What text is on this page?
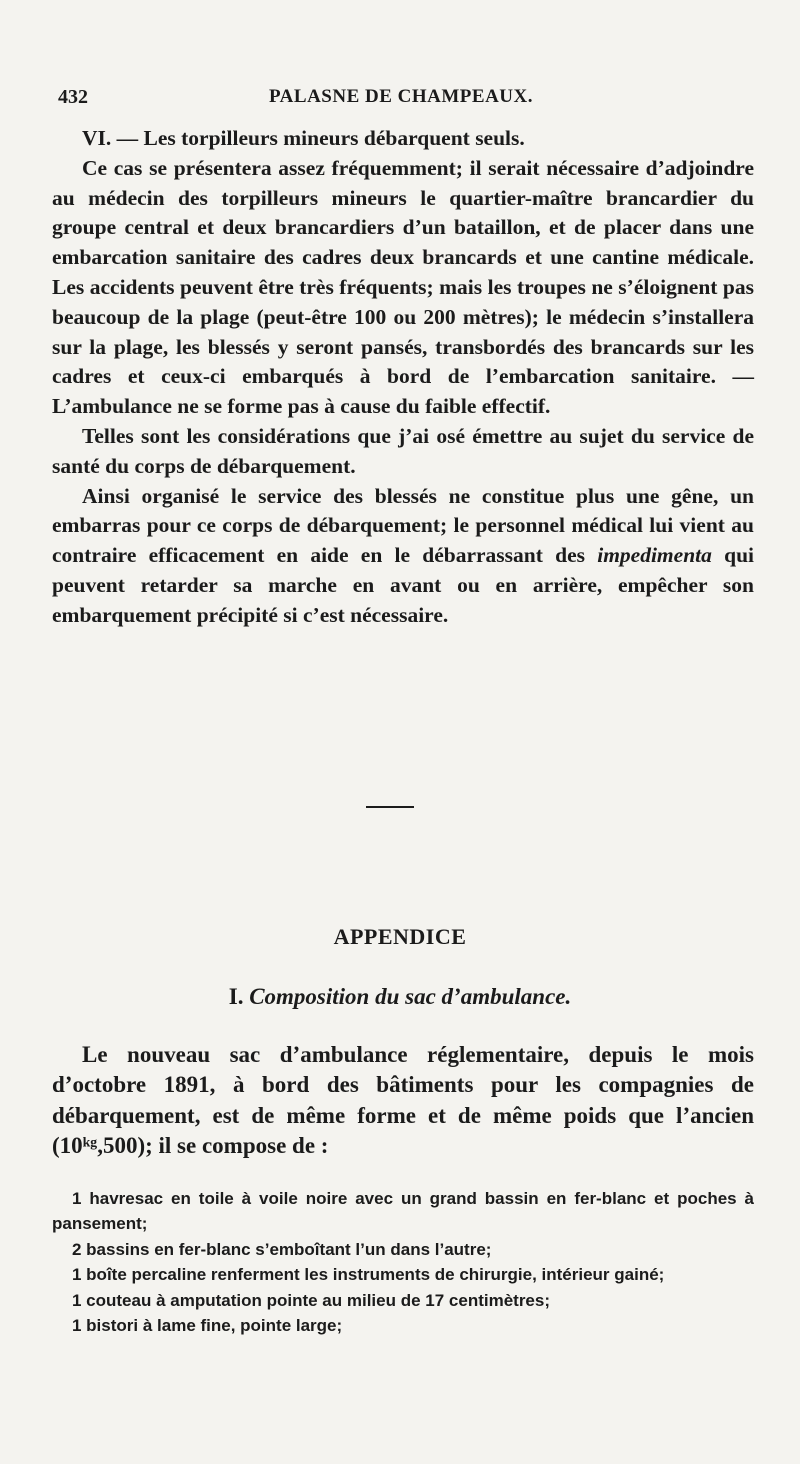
432	PALASNE DE CHAMPEAUX.

VI. — Les torpilleurs mineurs débarquent seuls.

Ce cas se présentera assez fréquemment; il serait nécessaire d’adjoindre au médecin des torpilleurs mineurs le quartier-maître brancardier du groupe central et deux brancardiers d’un bataillon, et de placer dans une embarcation sanitaire des cadres deux brancards et une cantine médicale. Les accidents peuvent être très fréquents; mais les troupes ne s’éloignent pas beaucoup de la plage (peut-être 100 ou 200 mètres); le médecin s’installera sur la plage, les blessés y seront pansés, transbordés des brancards sur les cadres et ceux-ci embarqués à bord de l’embarcation sanitaire. — L’ambulance ne se forme pas à cause du faible effectif.

Telles sont les considérations que j’ai osé émettre au sujet du service de santé du corps de débarquement.

Ainsi organisé le service des blessés ne constitue plus une gêne, un embarras pour ce corps de débarquement; le personnel médical lui vient au contraire efficacement en aide en le débarrassant des impedimenta qui peuvent retarder sa marche en avant ou en arrière, empêcher son embarquement précipité si c’est nécessaire.

APPENDICE
I. Composition du sac d’ambulance.

Le nouveau sac d’ambulance réglementaire, depuis le mois d’octobre 1891, à bord des bâtiments pour les compagnies de débarquement, est de même forme et de même poids que l’ancien (10ᵏᵍ,500); il se compose de :

1 havresac en toile à voile noire avec un grand bassin en fer-blanc et poches à pansement;
2 bassins en fer-blanc s’emboîtant l’un dans l’autre;
1 boîte percaline renferment les instruments de chirurgie, intérieur gainé;
1 couteau à amputation pointe au milieu de 17 centimètres;
1 bistori à lame fine, pointe large;
